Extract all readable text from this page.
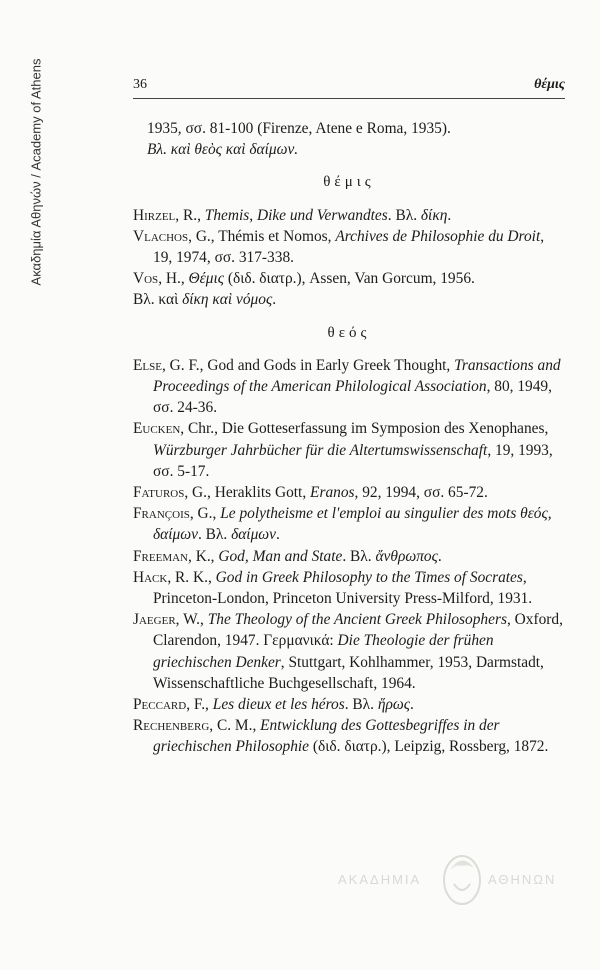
Ακαδημία Αθηνών / Academy of Athens	36	θέμις

1935, σσ. 81-100 (Firenze, Atene e Roma, 1935).

Βλ. καὶ θεὸς καὶ δαίμων.

θέμις

Hirzel, R., Themis, Dike und Verwandtes. Βλ. δίκη.

Vlachos, G., Thémis et Nomos, Archives de Philosophie du Droit, 19, 1974, σσ. 317-338.

Vos, H., Θέμις (διδ. διατρ.), Assen, Van Gorcum, 1956.

Βλ. καὶ δίκη καὶ νόμος.

θεός

Else, G. F., God and Gods in Early Greek Thought, Transactions and Proceedings of the American Philological Association, 80, 1949, σσ. 24-36.

Eucken, Chr., Die Gotteserfassung im Symposion des Xenophanes, Würzburger Jahrbücher für die Altertumswissenschaft, 19, 1993, σσ. 5-17.

Faturos, G., Heraklits Gott, Eranos, 92, 1994, σσ. 65-72.

François, G., Le polytheisme et l'emploi au singulier des mots θεός, δαίμων. Βλ. δαίμων.

Freeman, K., God, Man and State. Βλ. ἄνθρωπος.

Hack, R. K., God in Greek Philosophy to the Times of Socrates, Princeton-London, Princeton University Press-Milford, 1931.

Jaeger, W., The Theology of the Ancient Greek Philosophers, Oxford, Clarendon, 1947. Γερμανικά: Die Theologie der frühen griechischen Denker, Stuttgart, Kohlhammer, 1953, Darmstadt, Wissenschaftliche Buchgesellschaft, 1964.

Peccard, F., Les dieux et les héros. Βλ. ἥρως.

Rechenberg, C. M., Entwicklung des Gottesbegriffes in der griechischen Philosophie (διδ. διατρ.), Leipzig, Rossberg, 1872.

ΑΚΑΔΗΜΙΑ	ΑΘΗΝΩΝ
